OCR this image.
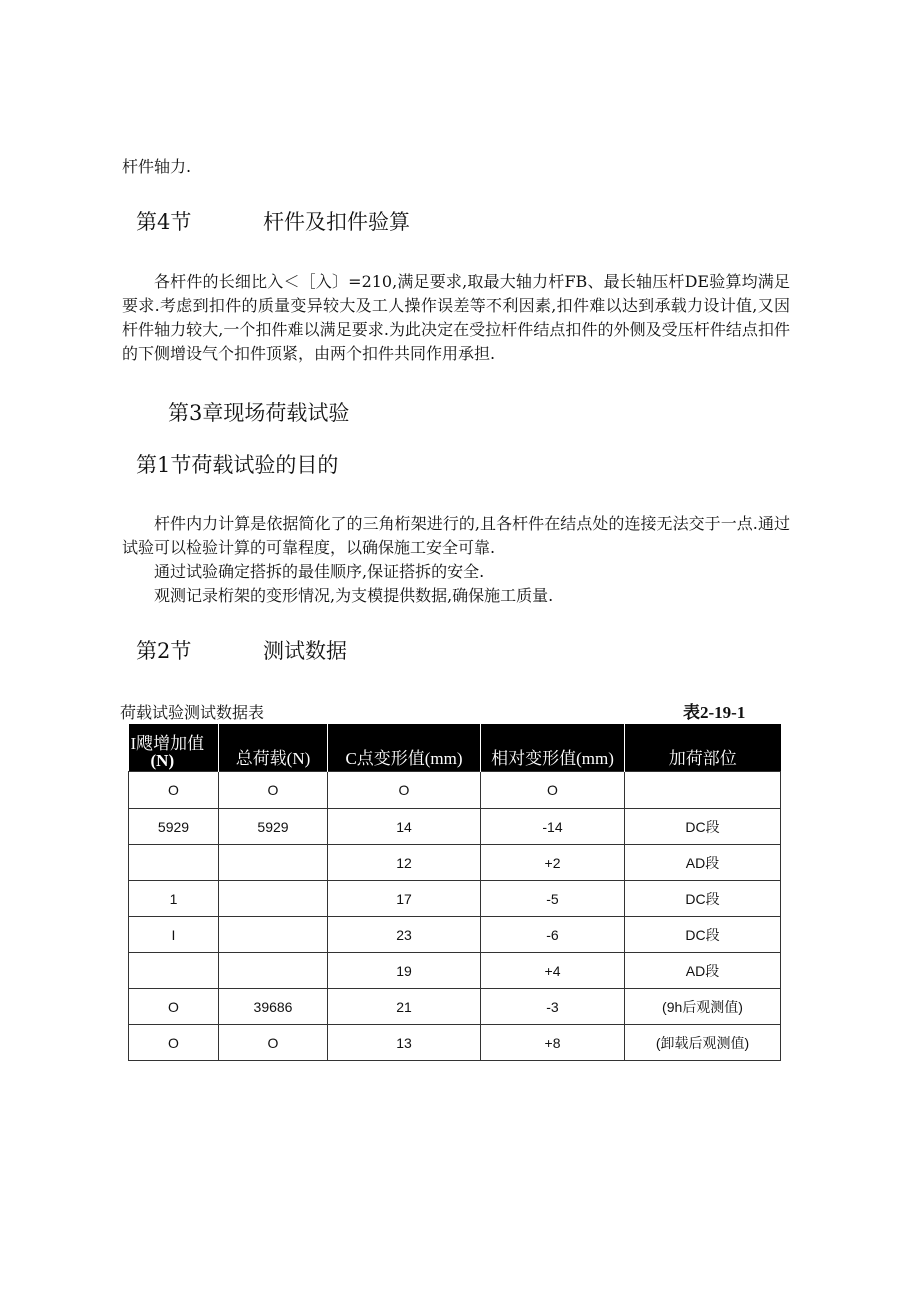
杆件轴力.
第4节	杆件及扣件验算

各杆件的长细比入＜［入〕=210,满足要求,取最大轴力杆FB、最长轴压杆DE验算均满足要求.考虑到扣件的质量变异较大及工人操作误差等不利因素,扣件难以达到承载力设计值,又因杆件轴力较大,一个扣件难以满足要求.为此决定在受拉杆件结点扣件的外侧及受压杆件结点扣件的下侧增设气个扣件顶紧，由两个扣件共同作用承担.

第3章现场荷载试验
第1节荷载试验的目的

杆件内力计算是依据简化了的三角桁架进行的,且各杆件在结点处的连接无法交于一点.通过试验可以检验计算的可靠程度，以确保施工安全可靠.

通过试验确定搭拆的最佳顺序,保证搭拆的安全.

观测记录桁架的变形情况,为支模提供数据,确保施工质量.

第2节	测试数据
荷载试验测试数据表	表2-19-1
I飕增加值
(N)	总荷载(N)	C点变形值(mm)	相对变形值(mm)	加荷部位
O	O	O	O	
5929	5929	14	-14	DC段
		12	+2	AD段
1		17	-5	DC段
I		23	-6	DC段
		19	+4	AD段
O	39686	21	-3	(9h后观测值)
O	O	13	+8	(卸载后观测值)
